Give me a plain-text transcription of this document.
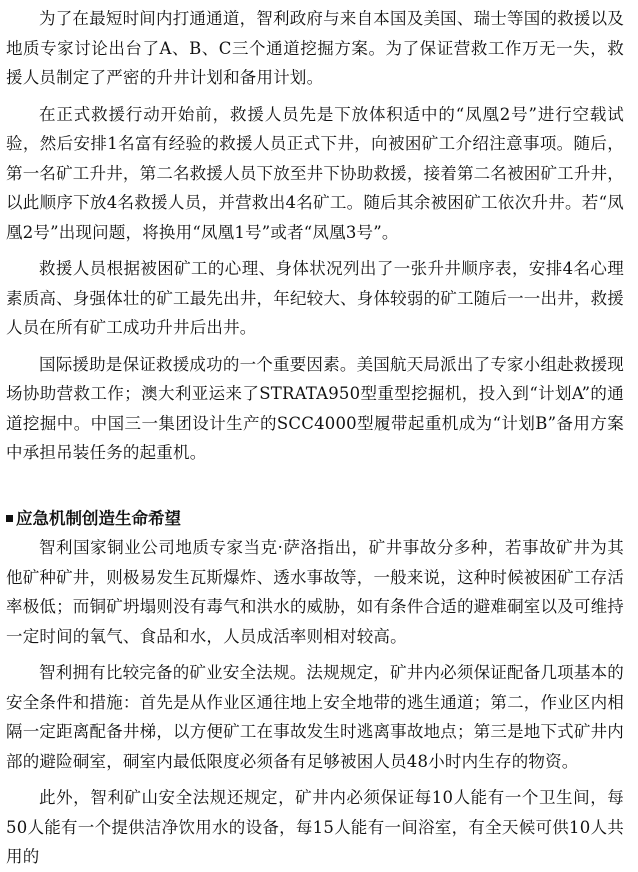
为了在最短时间内打通通道，智利政府与来自本国及美国、瑞士等国的救援以及地质专家讨论出台了A、B、C三个通道挖掘方案。为了保证营救工作万无一失，救援人员制定了严密的升井计划和备用计划。

在正式救援行动开始前，救援人员先是下放体积适中的“凤凰2号”进行空载试验，然后安排1名富有经验的救援人员正式下井，向被困矿工介绍注意事项。随后，第一名矿工升井，第二名救援人员下放至井下协助救援，接着第二名被困矿工升井，以此顺序下放4名救援人员，并营救出4名矿工。随后其余被困矿工依次升井。若“凤凰2号”出现问题，将换用“凤凰1号”或者“凤凰3号”。

救援人员根据被困矿工的心理、身体状况列出了一张升井顺序表，安排4名心理素质高、身强体壮的矿工最先出井，年纪较大、身体较弱的矿工随后一一出井，救援人员在所有矿工成功升井后出井。

国际援助是保证救援成功的一个重要因素。美国航天局派出了专家小组赴救援现场协助营救工作；澳大利亚运来了STRATA950型重型挖掘机，投入到“计划A”的通道挖掘中。中国三一集团设计生产的SCC4000型履带起重机成为“计划B”备用方案中承担吊装任务的起重机。

应急机制创造生命希望

智利国家铜业公司地质专家当克·萨洛指出，矿井事故分多种，若事故矿井为其他矿种矿井，则极易发生瓦斯爆炸、透水事故等，一般来说，这种时候被困矿工存活率极低；而铜矿坍塌则没有毒气和洪水的威胁，如有条件合适的避难硐室以及可维持一定时间的氧气、食品和水，人员成活率则相对较高。

智利拥有比较完备的矿业安全法规。法规规定，矿井内必须保证配备几项基本的安全条件和措施：首先是从作业区通往地上安全地带的逃生通道；第二，作业区内相隔一定距离配备井梯，以方便矿工在事故发生时逃离事故地点；第三是地下式矿井内部的避险硐室，硐室内最低限度必须备有足够被困人员48小时内生存的物资。

此外，智利矿山安全法规还规定，矿井内必须保证每10人能有一个卫生间，每50人能有一个提供洁净饮用水的设备，每15人能有一间浴室，有全天候可供10人共用的
